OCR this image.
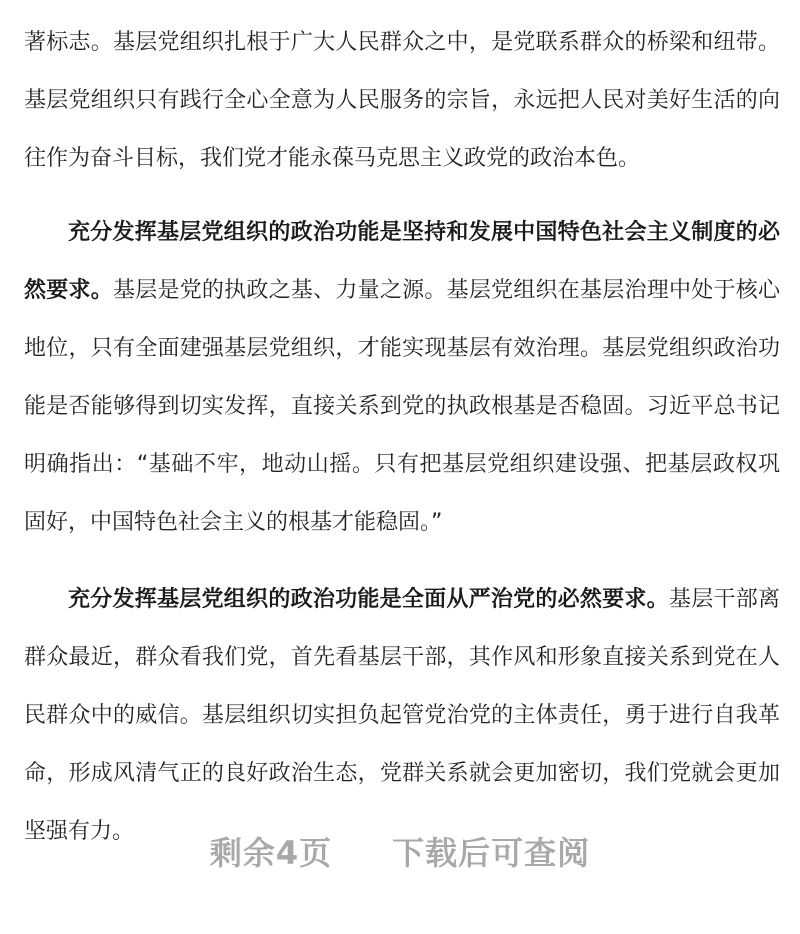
著标志。基层党组织扎根于广大人民群众之中，是党联系群众的桥梁和纽带。基层党组织只有践行全心全意为人民服务的宗旨，永远把人民对美好生活的向往作为奋斗目标，我们党才能永葆马克思主义政党的政治本色。

充分发挥基层党组织的政治功能是坚持和发展中国特色社会主义制度的必然要求。基层是党的执政之基、力量之源。基层党组织在基层治理中处于核心地位，只有全面建强基层党组织，才能实现基层有效治理。基层党组织政治功能是否能够得到切实发挥，直接关系到党的执政根基是否稳固。习近平总书记明确指出：“基础不牢，地动山摇。只有把基层党组织建设强、把基层政权巩固好，中国特色社会主义的根基才能稳固。”

充分发挥基层党组织的政治功能是全面从严治党的必然要求。基层干部离群众最近，群众看我们党，首先看基层干部，其作风和形象直接关系到党在人民群众中的威信。基层组织切实担负起管党治党的主体责任，勇于进行自我革命，形成风清气正的良好政治生态，党群关系就会更加密切，我们党就会更加坚强有力。

剩余4页 下载后可查阅
